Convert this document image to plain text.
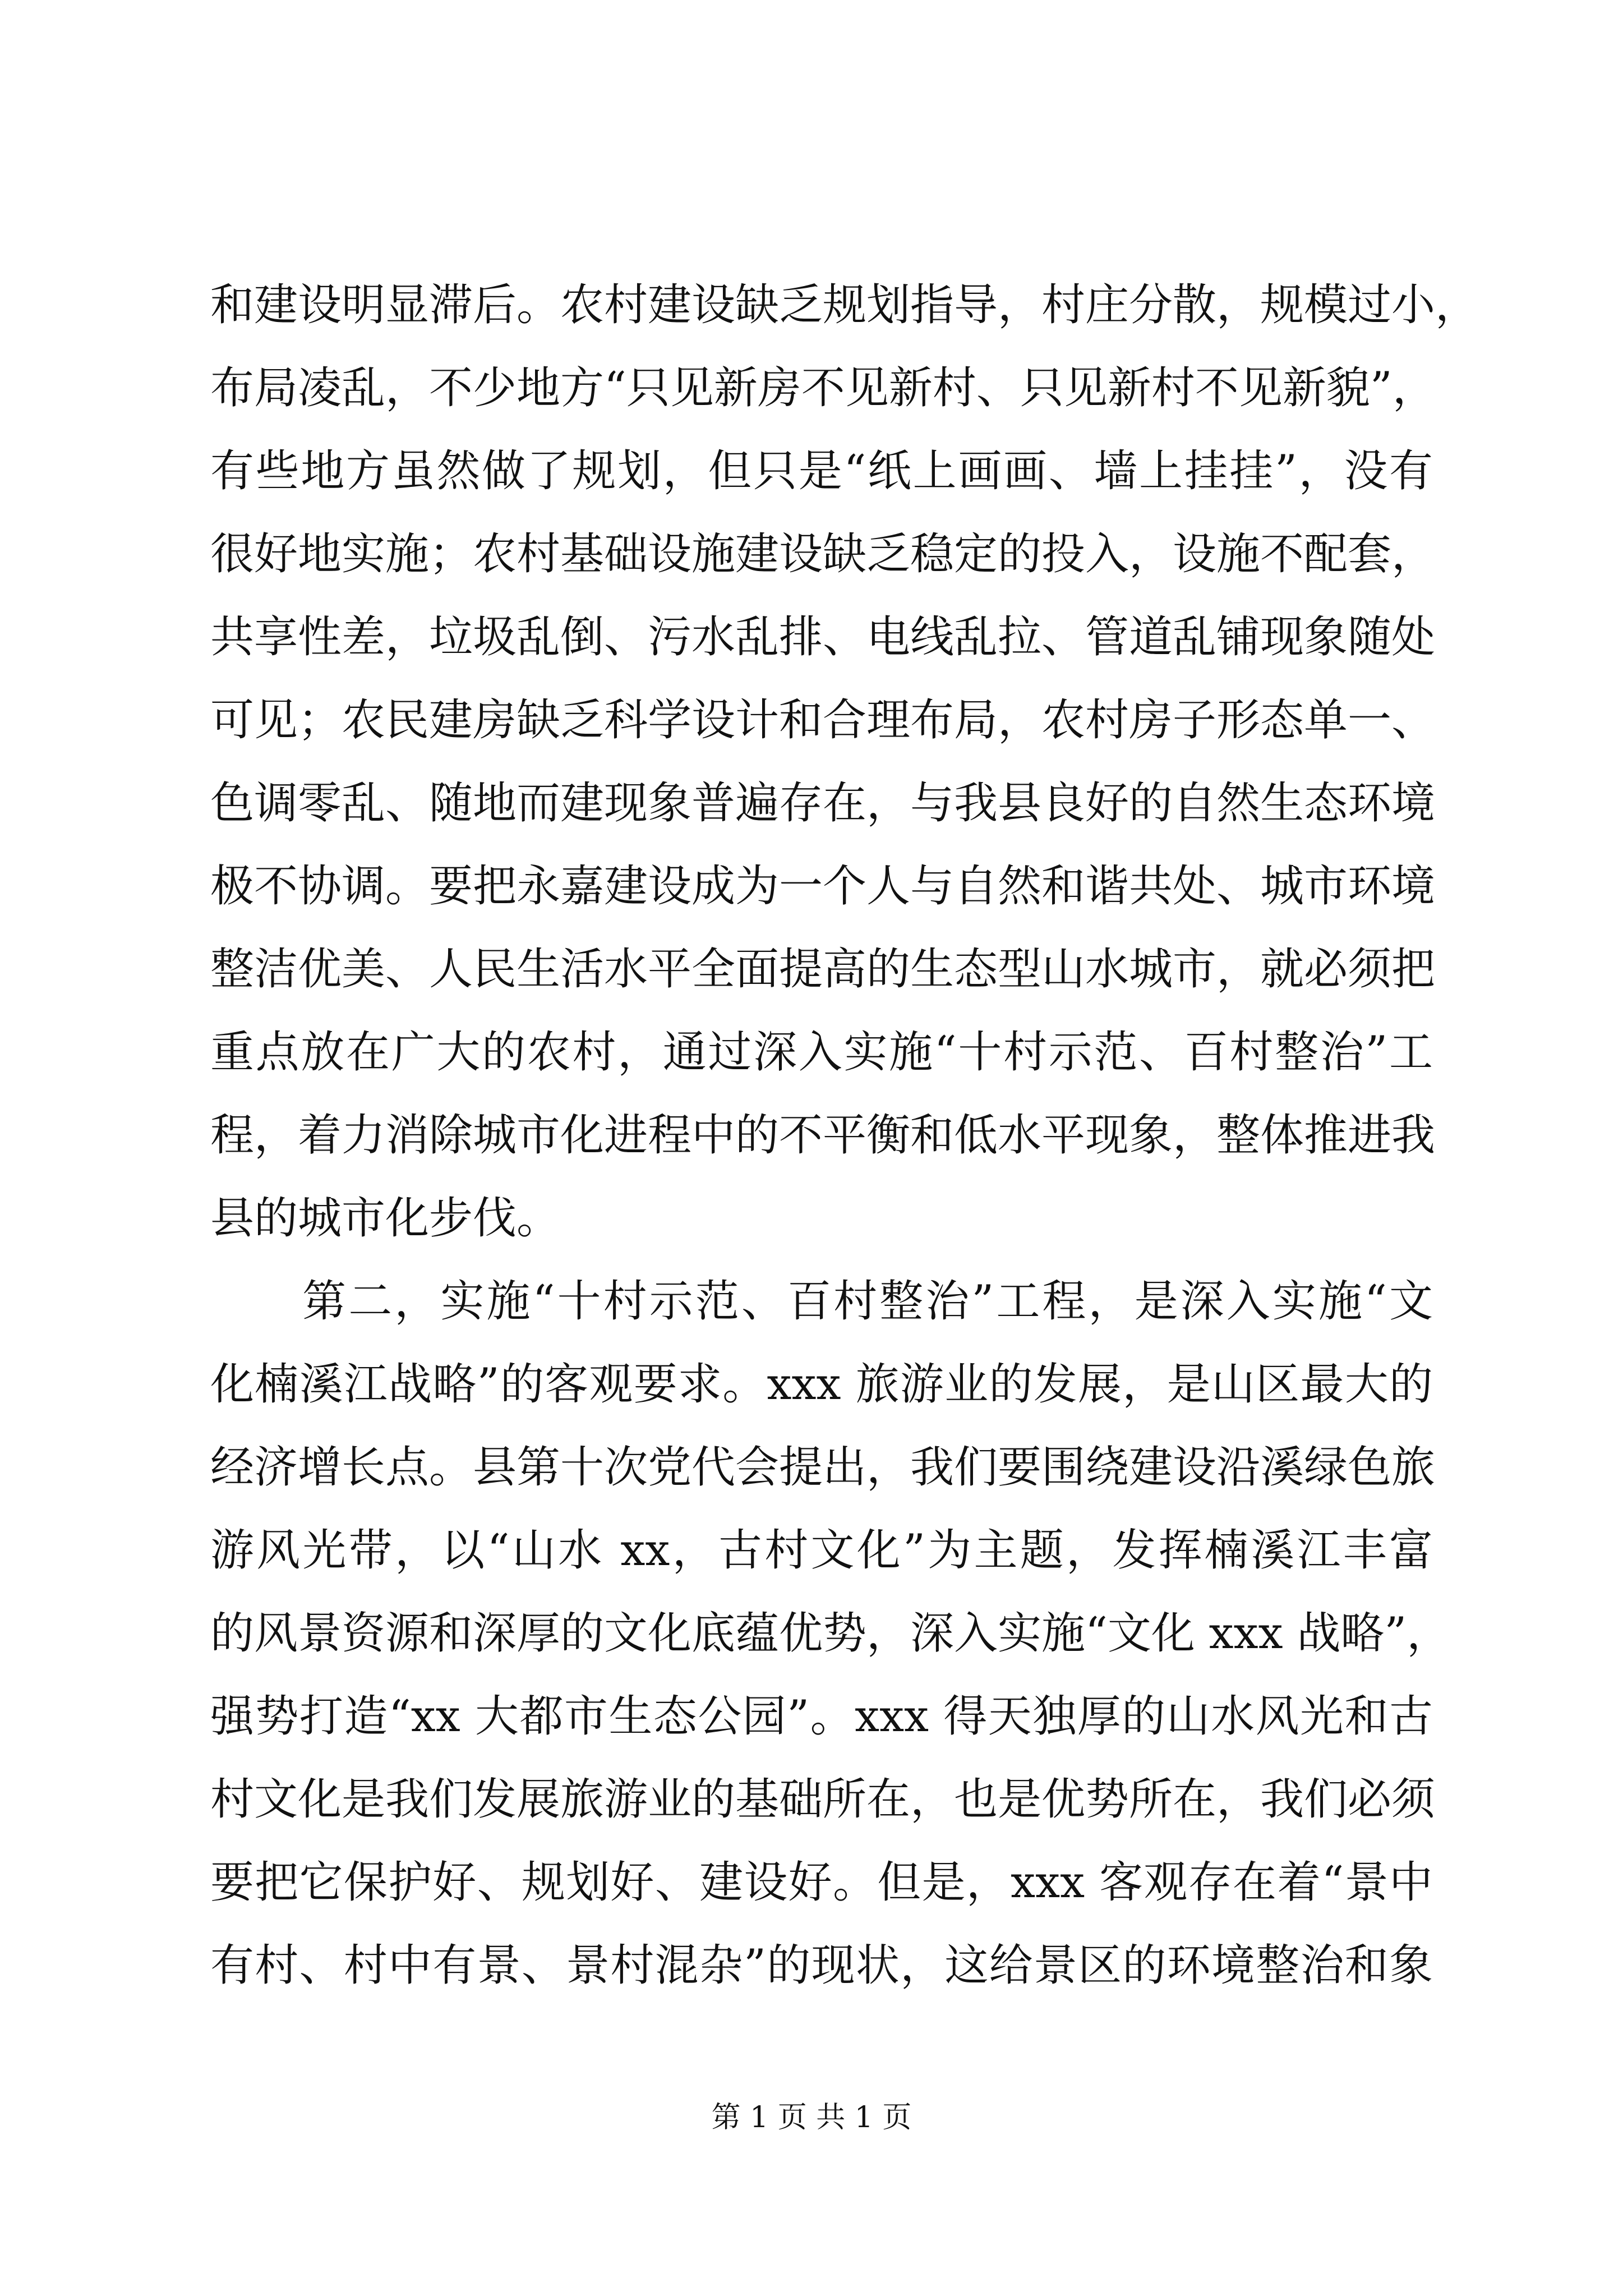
和建设明显滞后。农村建设缺乏规划指导，村庄分散，规模过小，
布局凌乱，不少地方“只见新房不见新村、只见新村不见新貌”，
有些地方虽然做了规划，但只是“纸上画画、墙上挂挂”，没有
很好地实施；农村基础设施建设缺乏稳定的投入，设施不配套，
共享性差，垃圾乱倒、污水乱排、电线乱拉、管道乱铺现象随处
可见；农民建房缺乏科学设计和合理布局，农村房子形态单一、
色调零乱、随地而建现象普遍存在，与我县良好的自然生态环境
极不协调。要把永嘉建设成为一个人与自然和谐共处、城市环境
整洁优美、人民生活水平全面提高的生态型山水城市，就必须把
重点放在广大的农村，通过深入实施“十村示范、百村整治”工
程，着力消除城市化进程中的不平衡和低水平现象，整体推进我
县的城市化步伐。
　　第二，实施“十村示范、百村整治”工程，是深入实施“文
化楠溪江战略”的客观要求。xxx 旅游业的发展，是山区最大的
经济增长点。县第十次党代会提出，我们要围绕建设沿溪绿色旅
游风光带，以“山水 xx，古村文化”为主题，发挥楠溪江丰富
的风景资源和深厚的文化底蕴优势，深入实施“文化 xxx 战略”，
强势打造“xx 大都市生态公园”。xxx 得天独厚的山水风光和古
村文化是我们发展旅游业的基础所在，也是优势所在，我们必须
要把它保护好、规划好、建设好。但是，xxx 客观存在着“景中
有村、村中有景、景村混杂”的现状，这给景区的环境整治和象
第 1 页 共 1 页
